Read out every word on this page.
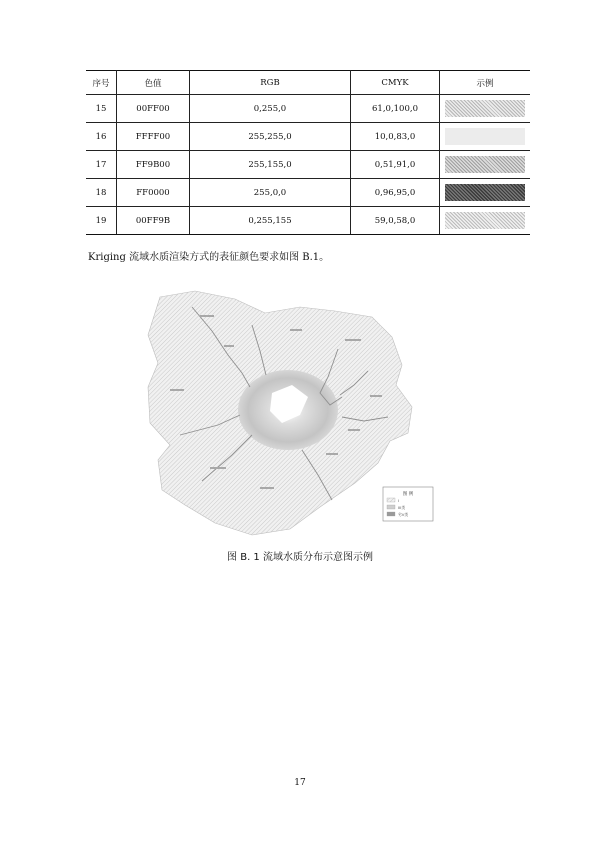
序号	色值	RGB	CMYK	示例
15	00FF00	0,255,0	61,0,100,0	

16	FFFF00	255,255,0	10,0,83,0	

17	FF9B00	255,155,0	0,51,91,0	

18	FF0000	255,0,0	0,96,95,0	

19	00FF9B	0,255,155	59,0,58,0	

Kriging 流域水质渲染方式的表征颜色要求如图 B.1。

图 例
I
III类
劣V类

图 B. 1 流域水质分布示意图示例

17
